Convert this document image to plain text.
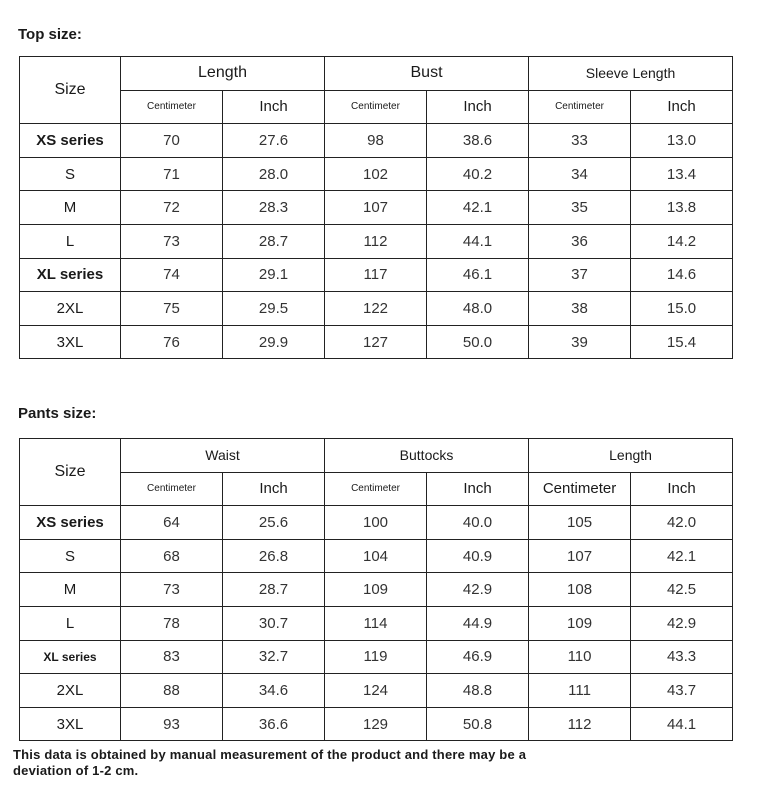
Top size:
Size	Length		Bust		Sleeve Length	
	Centimeter	Inch	Centimeter	Inch	Centimeter	Inch
XS series	70	27.6	98	38.6	33	13.0
S	71	28.0	102	40.2	34	13.4
M	72	28.3	107	42.1	35	13.8
L	73	28.7	112	44.1	36	14.2
XL series	74	29.1	117	46.1	37	14.6
2XL	75	29.5	122	48.0	38	15.0
3XL	76	29.9	127	50.0	39	15.4
Pants size:
Size	Waist		Buttocks		Length	
	Centimeter	Inch	Centimeter	Inch	Centimeter	Inch
XS series	64	25.6	100	40.0	105	42.0
S	68	26.8	104	40.9	107	42.1
M	73	28.7	109	42.9	108	42.5
L	78	30.7	114	44.9	109	42.9
XL series	83	32.7	119	46.9	110	43.3
2XL	88	34.6	124	48.8	111	43.7
3XL	93	36.6	129	50.8	112	44.1
This data is obtained by manual measurement of the product and there may be a deviation of 1-2 cm.
